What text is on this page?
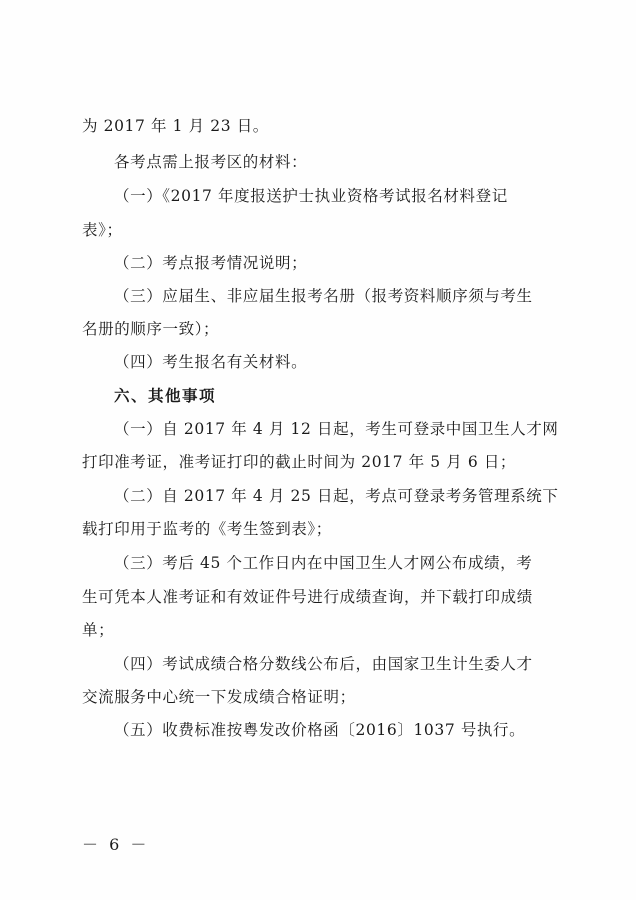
为 2017 年 1 月 23 日。
各考点需上报考区的材料：
（一）《2017 年度报送护士执业资格考试报名材料登记
表》；
（二）考点报考情况说明；
（三）应届生、非应届生报考名册（报考资料顺序须与考生
名册的顺序一致）；
（四）考生报名有关材料。
六、其他事项
（一）自 2017 年 4 月 12 日起，考生可登录中国卫生人才网
打印准考证，准考证打印的截止时间为 2017 年 5 月 6 日；
（二）自 2017 年 4 月 25 日起，考点可登录考务管理系统下
载打印用于监考的《考生签到表》；
（三）考后 45 个工作日内在中国卫生人才网公布成绩，考
生可凭本人准考证和有效证件号进行成绩查询，并下载打印成绩
单；
（四）考试成绩合格分数线公布后，由国家卫生计生委人才
交流服务中心统一下发成绩合格证明；
（五）收费标准按粤发改价格函〔2016〕1037 号执行。
－ 6 －
